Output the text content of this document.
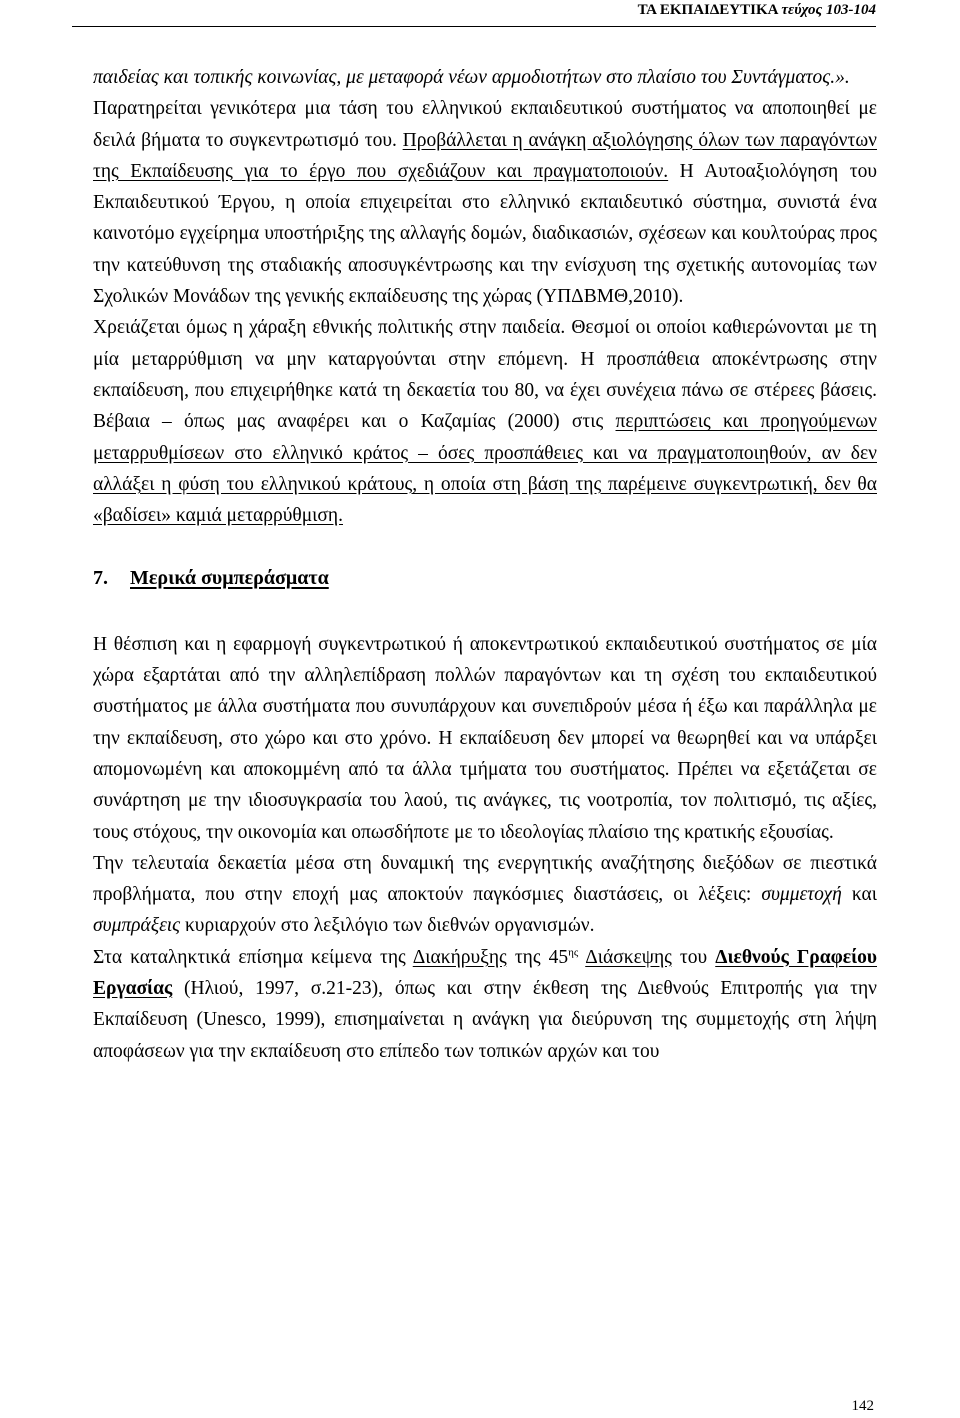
ΤΑ ΕΚΠΑΙΔΕΥΤΙΚΑ τεύχος 103-104

παιδείας και τοπικής κοινωνίας, με μεταφορά νέων αρμοδιοτήτων στο πλαίσιο του Συντάγματος.».

Παρατηρείται γενικότερα μια τάση του ελληνικού εκπαιδευτικού συστήματος να αποποιηθεί με δειλά βήματα το συγκεντρωτισμό του. Προβάλλεται η ανάγκη αξιολόγησης όλων των παραγόντων της Εκπαίδευσης για το έργο που σχεδιάζουν και πραγματοποιούν. Η Αυτοαξιολόγηση του Εκπαιδευτικού Έργου, η οποία επιχειρείται στο ελληνικό εκπαιδευτικό σύστημα, συνιστά ένα καινοτόμο εγχείρημα υποστήριξης της αλλαγής δομών, διαδικασιών, σχέσεων και κουλτούρας προς την κατεύθυνση της σταδιακής αποσυγκέντρωσης και την ενίσχυση της σχετικής αυτονομίας των Σχολικών Μονάδων της γενικής εκπαίδευσης της χώρας (ΥΠΔΒΜΘ,2010).

Χρειάζεται όμως η χάραξη εθνικής πολιτικής στην παιδεία. Θεσμοί οι οποίοι καθιερώνονται με τη μία μεταρρύθμιση να μην καταργούνται στην επόμενη. Η προσπάθεια αποκέντρωσης στην εκπαίδευση, που επιχειρήθηκε κατά τη δεκαετία του 80, να έχει συνέχεια πάνω σε στέρεες βάσεις. Βέβαια – όπως μας αναφέρει και ο Καζαμίας (2000) στις περιπτώσεις και προηγούμενων μεταρρυθμίσεων στο ελληνικό κράτος – όσες προσπάθειες και να πραγματοποιηθούν, αν δεν αλλάξει η φύση του ελληνικού κράτους, η οποία στη βάση της παρέμεινε συγκεντρωτική, δεν θα «βαδίσει» καμιά μεταρρύθμιση.

7. Μερικά συμπεράσματα

Η θέσπιση και η εφαρμογή συγκεντρωτικού ή αποκεντρωτικού εκπαιδευτικού συστήματος σε μία χώρα εξαρτάται από την αλληλεπίδραση πολλών παραγόντων και τη σχέση του εκπαιδευτικού συστήματος με άλλα συστήματα που συνυπάρχουν και συνεπιδρούν μέσα ή έξω και παράλληλα με την εκπαίδευση, στο χώρο και στο χρόνο. Η εκπαίδευση δεν μπορεί να θεωρηθεί και να υπάρξει απομονωμένη και αποκομμένη από τα άλλα τμήματα του συστήματος. Πρέπει να εξετάζεται σε συνάρτηση με την ιδιοσυγκρασία του λαού, τις ανάγκες, τις νοοτροπία, τον πολιτισμό, τις αξίες, τους στόχους, την οικονομία και οπωσδήποτε με το ιδεολογίας πλαίσιο της κρατικής εξουσίας.

Την τελευταία δεκαετία μέσα στη δυναμική της ενεργητικής αναζήτησης διεξόδων σε πιεστικά προβλήματα, που στην εποχή μας αποκτούν παγκόσμιες διαστάσεις, οι λέξεις: συμμετοχή και συμπράξεις κυριαρχούν στο λεξιλόγιο των διεθνών οργανισμών.

Στα καταληκτικά επίσημα κείμενα της Διακήρυξης της $45^{\eta\varsigma}$ Διάσκεψης του Διεθνούς Γραφείου Εργασίας (Ηλιού, 1997, σ.21-23), όπως και στην έκθεση της Διεθνούς Επιτροπής για την Εκπαίδευση (Unesco, 1999), επισημαίνεται η ανάγκη για διεύρυνση της συμμετοχής στη λήψη αποφάσεων για την εκπαίδευση στο επίπεδο των τοπικών αρχών και του

142
